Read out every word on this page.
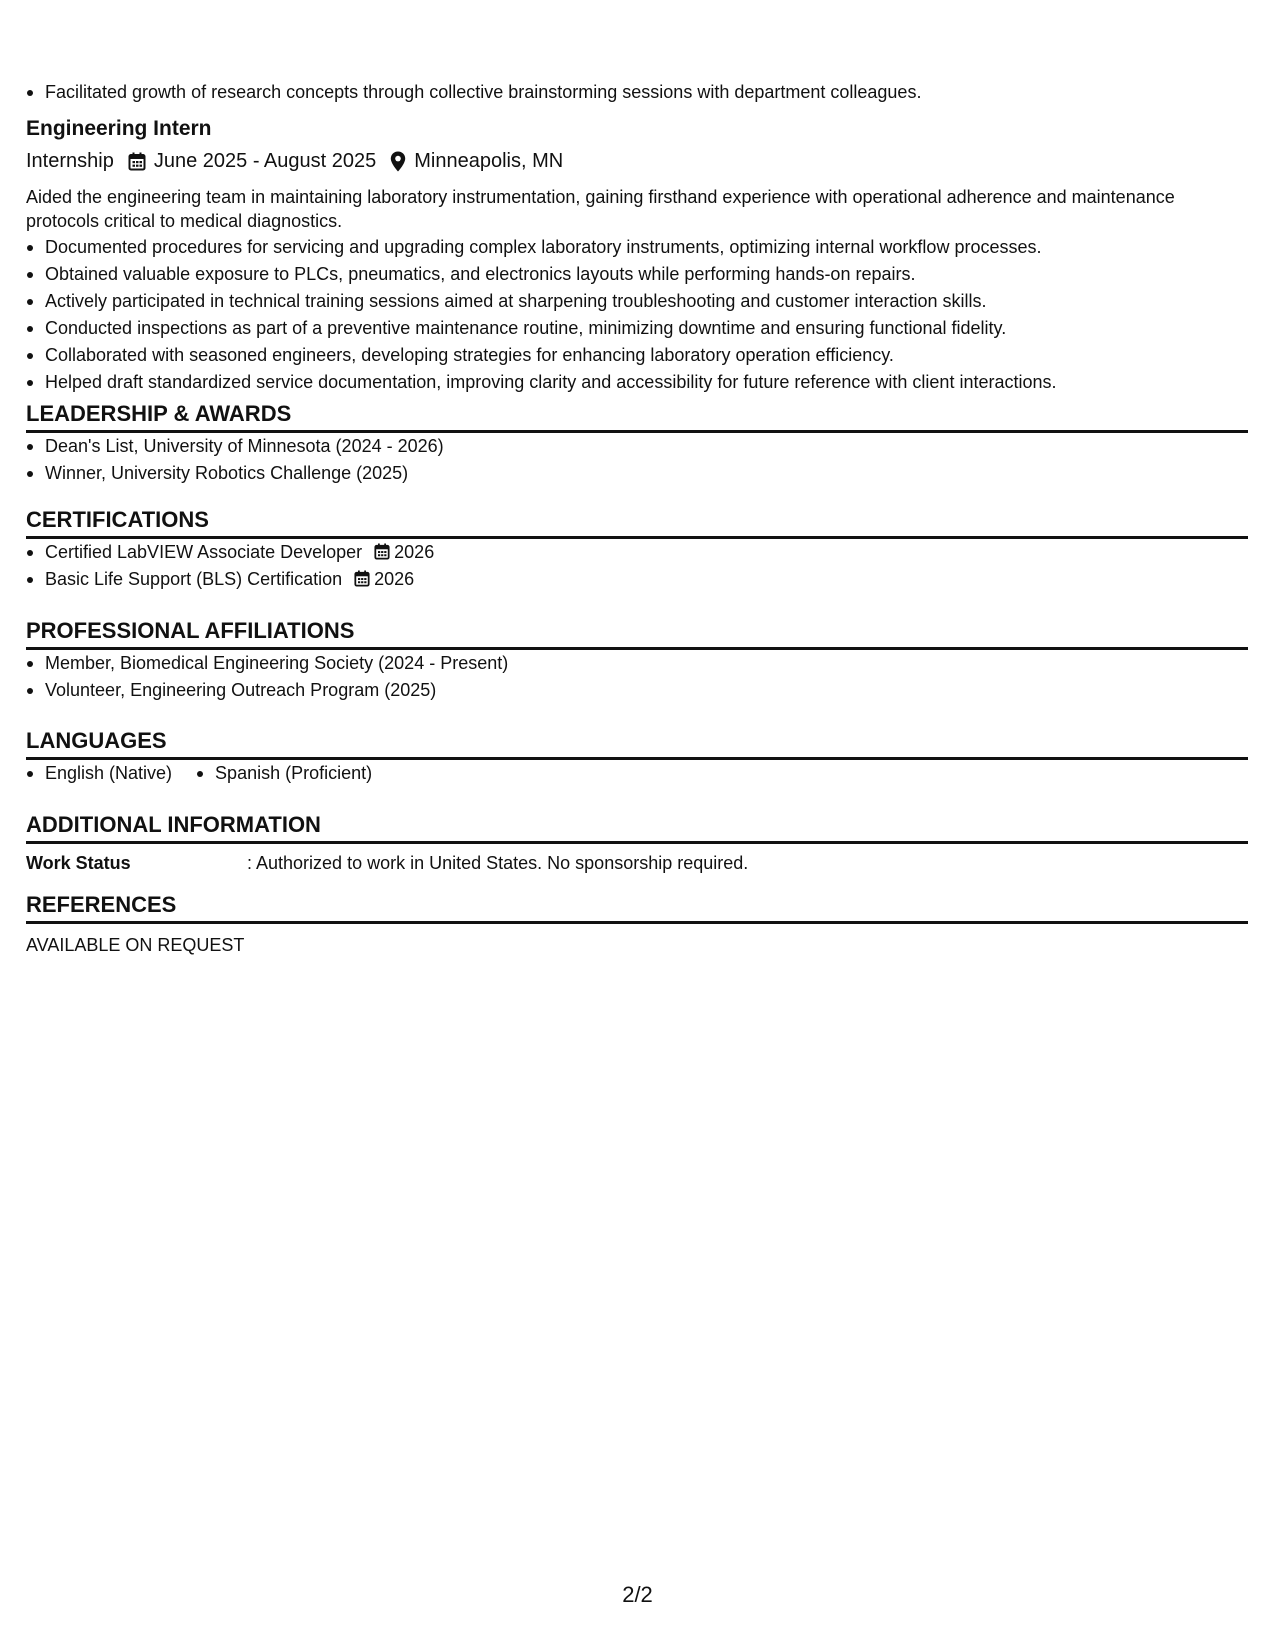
Facilitated growth of research concepts through collective brainstorming sessions with department colleagues.
Engineering Intern
Internship June 2025 - August 2025 Minneapolis, MN
Aided the engineering team in maintaining laboratory instrumentation, gaining firsthand experience with operational adherence and maintenance protocols critical to medical diagnostics.
Documented procedures for servicing and upgrading complex laboratory instruments, optimizing internal workflow processes.
Obtained valuable exposure to PLCs, pneumatics, and electronics layouts while performing hands-on repairs.
Actively participated in technical training sessions aimed at sharpening troubleshooting and customer interaction skills.
Conducted inspections as part of a preventive maintenance routine, minimizing downtime and ensuring functional fidelity.
Collaborated with seasoned engineers, developing strategies for enhancing laboratory operation efficiency.
Helped draft standardized service documentation, improving clarity and accessibility for future reference with client interactions.
LEADERSHIP & AWARDS
Dean's List, University of Minnesota (2024 - 2026)
Winner, University Robotics Challenge (2025)
CERTIFICATIONS
Certified LabVIEW Associate Developer 2026
Basic Life Support (BLS) Certification 2026
PROFESSIONAL AFFILIATIONS
Member, Biomedical Engineering Society (2024 - Present)
Volunteer, Engineering Outreach Program (2025)
LANGUAGES
English (Native)	Spanish (Proficient)
ADDITIONAL INFORMATION
Work Status	: Authorized to work in United States. No sponsorship required.
REFERENCES
AVAILABLE ON REQUEST
2/2
